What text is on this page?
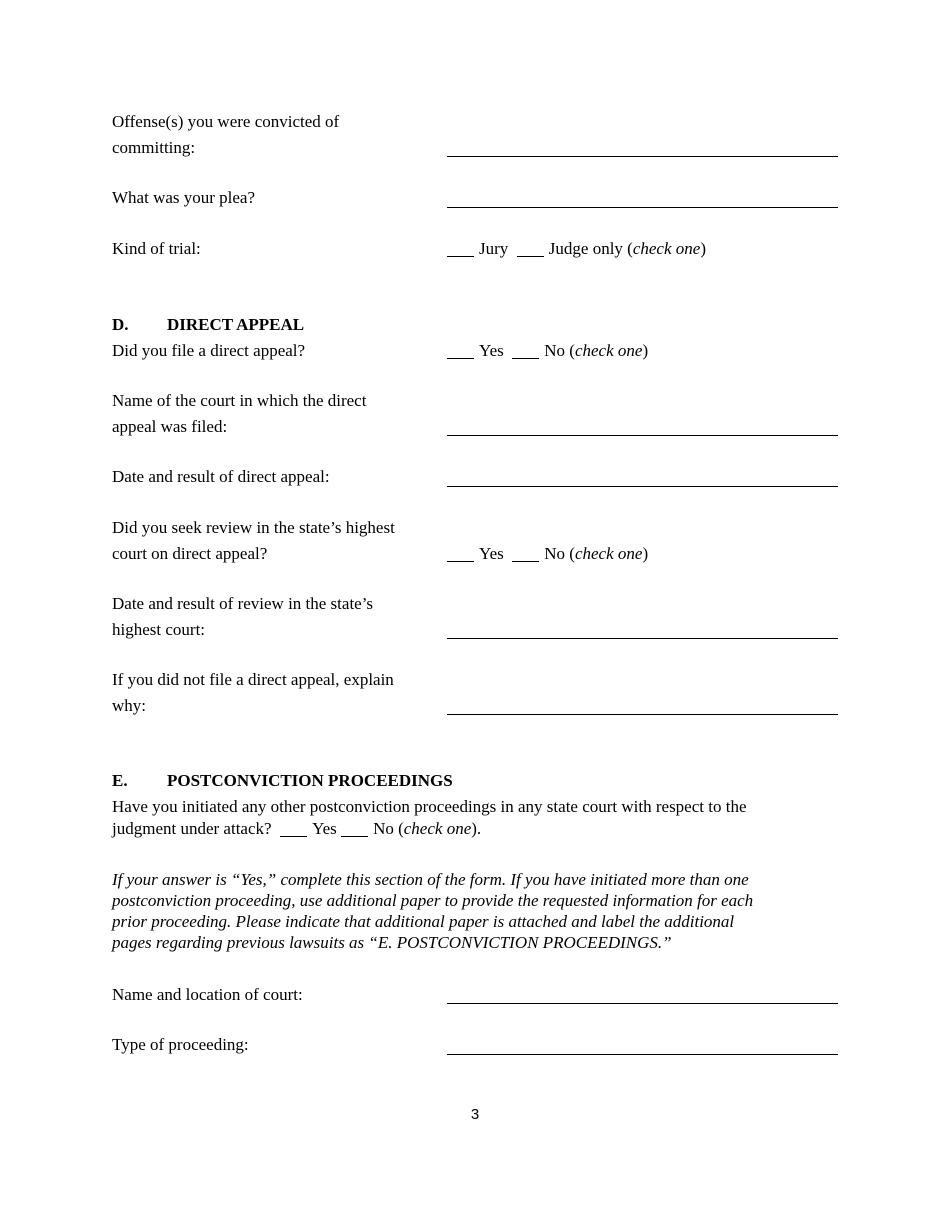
Offense(s) you were convicted of
committing:
What was your plea?
Kind of trial:	Jury Judge only (check one)
D. DIRECT APPEAL
Did you file a direct appeal?	Yes No (check one)
Name of the court in which the direct
appeal was filed:
Date and result of direct appeal:
Did you seek review in the state’s highest
court on direct appeal?	Yes No (check one)
Date and result of review in the state’s
highest court:
If you did not file a direct appeal, explain
why:
E. POSTCONVICTION PROCEEDINGS
Have you initiated any other postconviction proceedings in any state court with respect to the
judgment under attack? Yes No (check one).
If your answer is “Yes,” complete this section of the form. If you have initiated more than one
postconviction proceeding, use additional paper to provide the requested information for each
prior proceeding. Please indicate that additional paper is attached and label the additional
pages regarding previous lawsuits as “E. POSTCONVICTION PROCEEDINGS.”
Name and location of court:
Type of proceeding:
3
